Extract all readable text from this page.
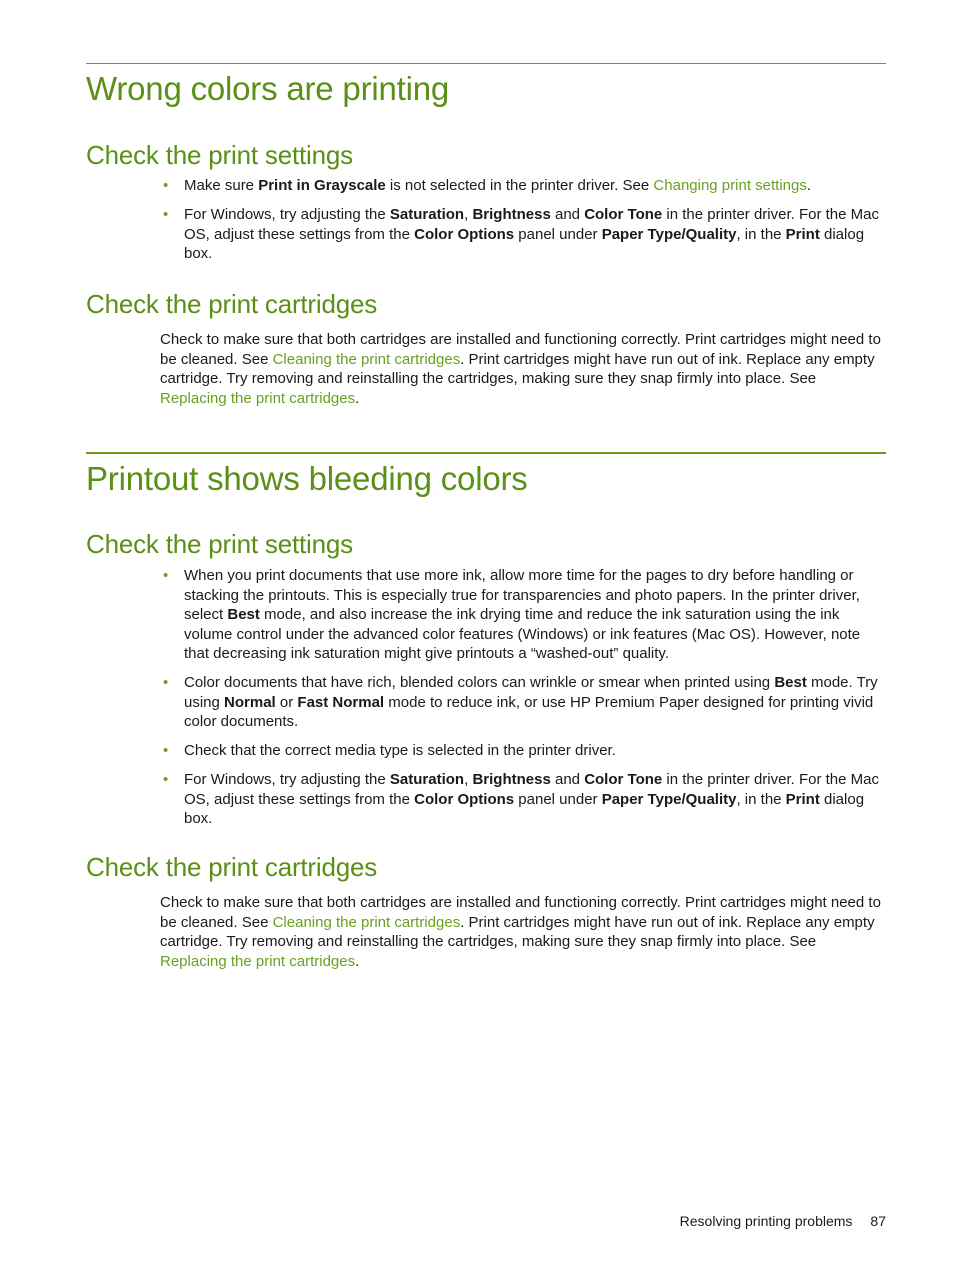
Wrong colors are printing
Check the print settings
• Make sure Print in Grayscale is not selected in the printer driver. See Changing print settings.
• For Windows, try adjusting the Saturation, Brightness and Color Tone in the printer driver. For the Mac OS, adjust these settings from the Color Options panel under Paper Type/Quality, in the Print dialog box.
Check the print cartridges

Check to make sure that both cartridges are installed and functioning correctly. Print cartridges might need to be cleaned. See Cleaning the print cartridges. Print cartridges might have run out of ink. Replace any empty cartridge. Try removing and reinstalling the cartridges, making sure they snap firmly into place. See Replacing the print cartridges.

Printout shows bleeding colors
Check the print settings
• When you print documents that use more ink, allow more time for the pages to dry before handling or stacking the printouts. This is especially true for transparencies and photo papers. In the printer driver, select Best mode, and also increase the ink drying time and reduce the ink saturation using the ink volume control under the advanced color features (Windows) or ink features (Mac OS). However, note that decreasing ink saturation might give printouts a “washed-out” quality.
• Color documents that have rich, blended colors can wrinkle or smear when printed using Best mode. Try using Normal or Fast Normal mode to reduce ink, or use HP Premium Paper designed for printing vivid color documents.
• Check that the correct media type is selected in the printer driver.
• For Windows, try adjusting the Saturation, Brightness and Color Tone in the printer driver. For the Mac OS, adjust these settings from the Color Options panel under Paper Type/Quality, in the Print dialog box.
Check the print cartridges

Check to make sure that both cartridges are installed and functioning correctly. Print cartridges might need to be cleaned. See Cleaning the print cartridges. Print cartridges might have run out of ink. Replace any empty cartridge. Try removing and reinstalling the cartridges, making sure they snap firmly into place. See Replacing the print cartridges.

Resolving printing problems 87
